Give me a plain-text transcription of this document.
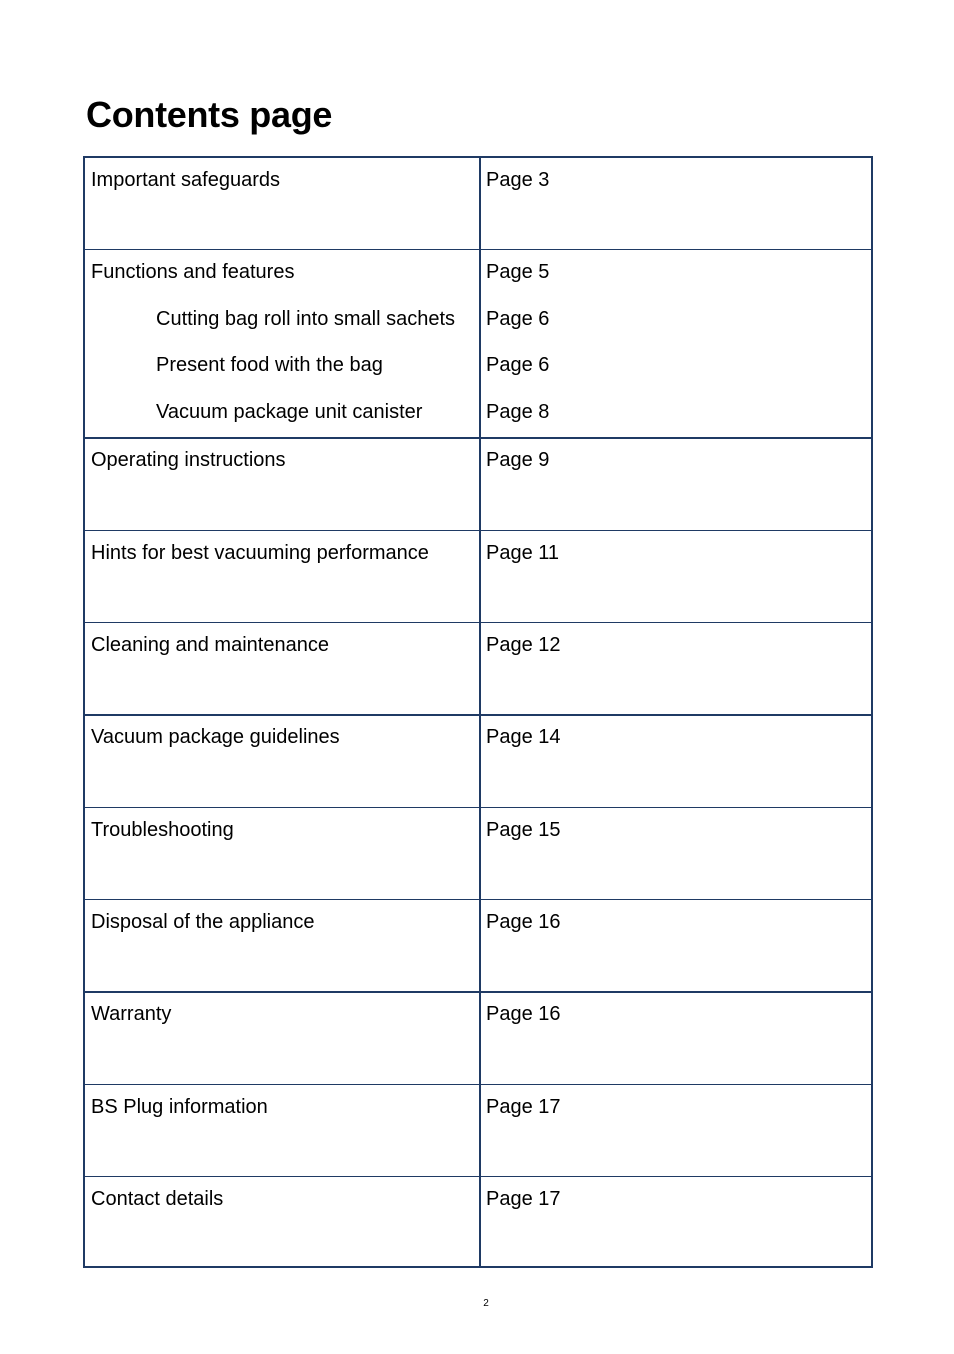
Contents page
Important safeguards	Page 3
Functions and features	Page 5
Cutting bag roll into small sachets Page 6
Present food with the bag	Page 6
Vacuum package unit canister	Page 8
Operating instructions	Page 9
Hints for best vacuuming performance	Page 11
Cleaning and maintenance	Page 12
Vacuum package guidelines	Page 14
Troubleshooting	Page 15
Disposal of the appliance	Page 16
Warranty	Page 16
BS Plug information	Page 17
Contact details	Page 17
2
